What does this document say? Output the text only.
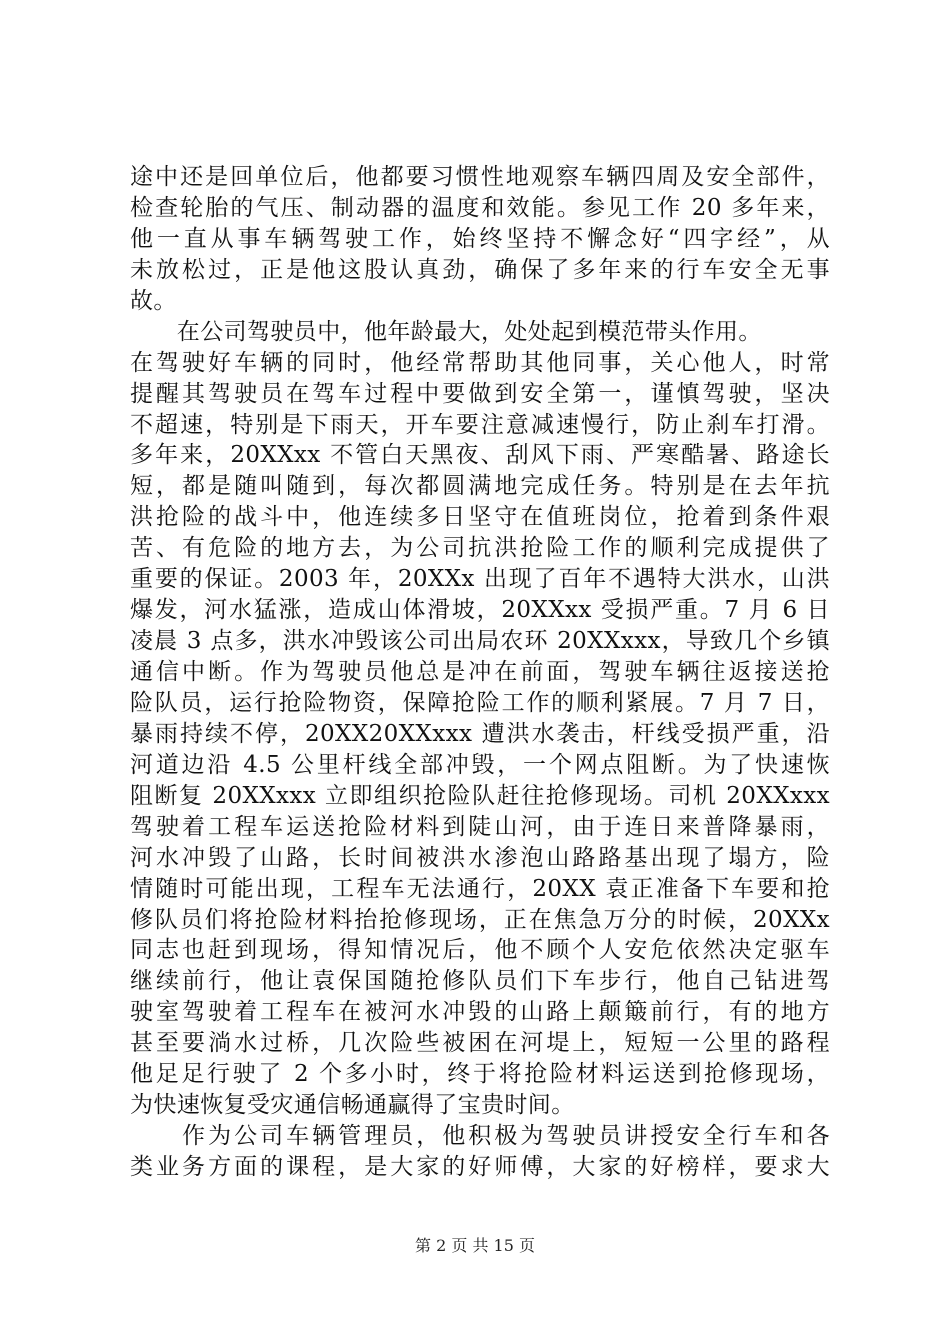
途中还是回单位后，他都要习惯性地观察车辆四周及安全部件，
检查轮胎的气压、制动器的温度和效能。参见工作 20 多年来，
他一直从事车辆驾驶工作，始终坚持不懈念好“四字经”，从
未放松过，正是他这股认真劲，确保了多年来的行车安全无事
故。
　　在公司驾驶员中，他年龄最大，处处起到模范带头作用。
在驾驶好车辆的同时，他经常帮助其他同事，关心他人，时常
提醒其驾驶员在驾车过程中要做到安全第一，谨慎驾驶，坚决
不超速，特别是下雨天，开车要注意减速慢行，防止刹车打滑。
多年来，20XXxx 不管白天黑夜、刮风下雨、严寒酷暑、路途长
短，都是随叫随到，每次都圆满地完成任务。特别是在去年抗
洪抢险的战斗中，他连续多日坚守在值班岗位，抢着到条件艰
苦、有危险的地方去，为公司抗洪抢险工作的顺利完成提供了
重要的保证。2003 年，20XXx 出现了百年不遇特大洪水，山洪
爆发，河水猛涨，造成山体滑坡，20XXxx 受损严重。7 月 6 日
凌晨 3 点多，洪水冲毁该公司出局农环 20XXxxx，导致几个乡镇
通信中断。作为驾驶员他总是冲在前面，驾驶车辆往返接送抢
险队员，运行抢险物资，保障抢险工作的顺利紧展。7 月 7 日，
暴雨持续不停，20XX20XXxxx 遭洪水袭击，杆线受损严重，沿
河道边沿 4.5 公里杆线全部冲毁，一个网点阻断。为了快速恢
阻断复 20XXxxx 立即组织抢险队赶往抢修现场。司机 20XXxxx
驾驶着工程车运送抢险材料到陡山河，由于连日来普降暴雨，
河水冲毁了山路，长时间被洪水渗泡山路路基出现了塌方，险
情随时可能出现，工程车无法通行，20XX 袁正准备下车要和抢
修队员们将抢险材料抬抢修现场，正在焦急万分的时候，20XXx
同志也赶到现场，得知情况后，他不顾个人安危依然决定驱车
继续前行，他让袁保国随抢修队员们下车步行，他自己钻进驾
驶室驾驶着工程车在被河水冲毁的山路上颠簸前行，有的地方
甚至要淌水过桥，几次险些被困在河堤上，短短一公里的路程
他足足行驶了 2 个多小时，终于将抢险材料运送到抢修现场，
为快速恢复受灾通信畅通赢得了宝贵时间。
　　作为公司车辆管理员，他积极为驾驶员讲授安全行车和各
类业务方面的课程，是大家的好师傅，大家的好榜样，要求大
第 2 页 共 15 页
